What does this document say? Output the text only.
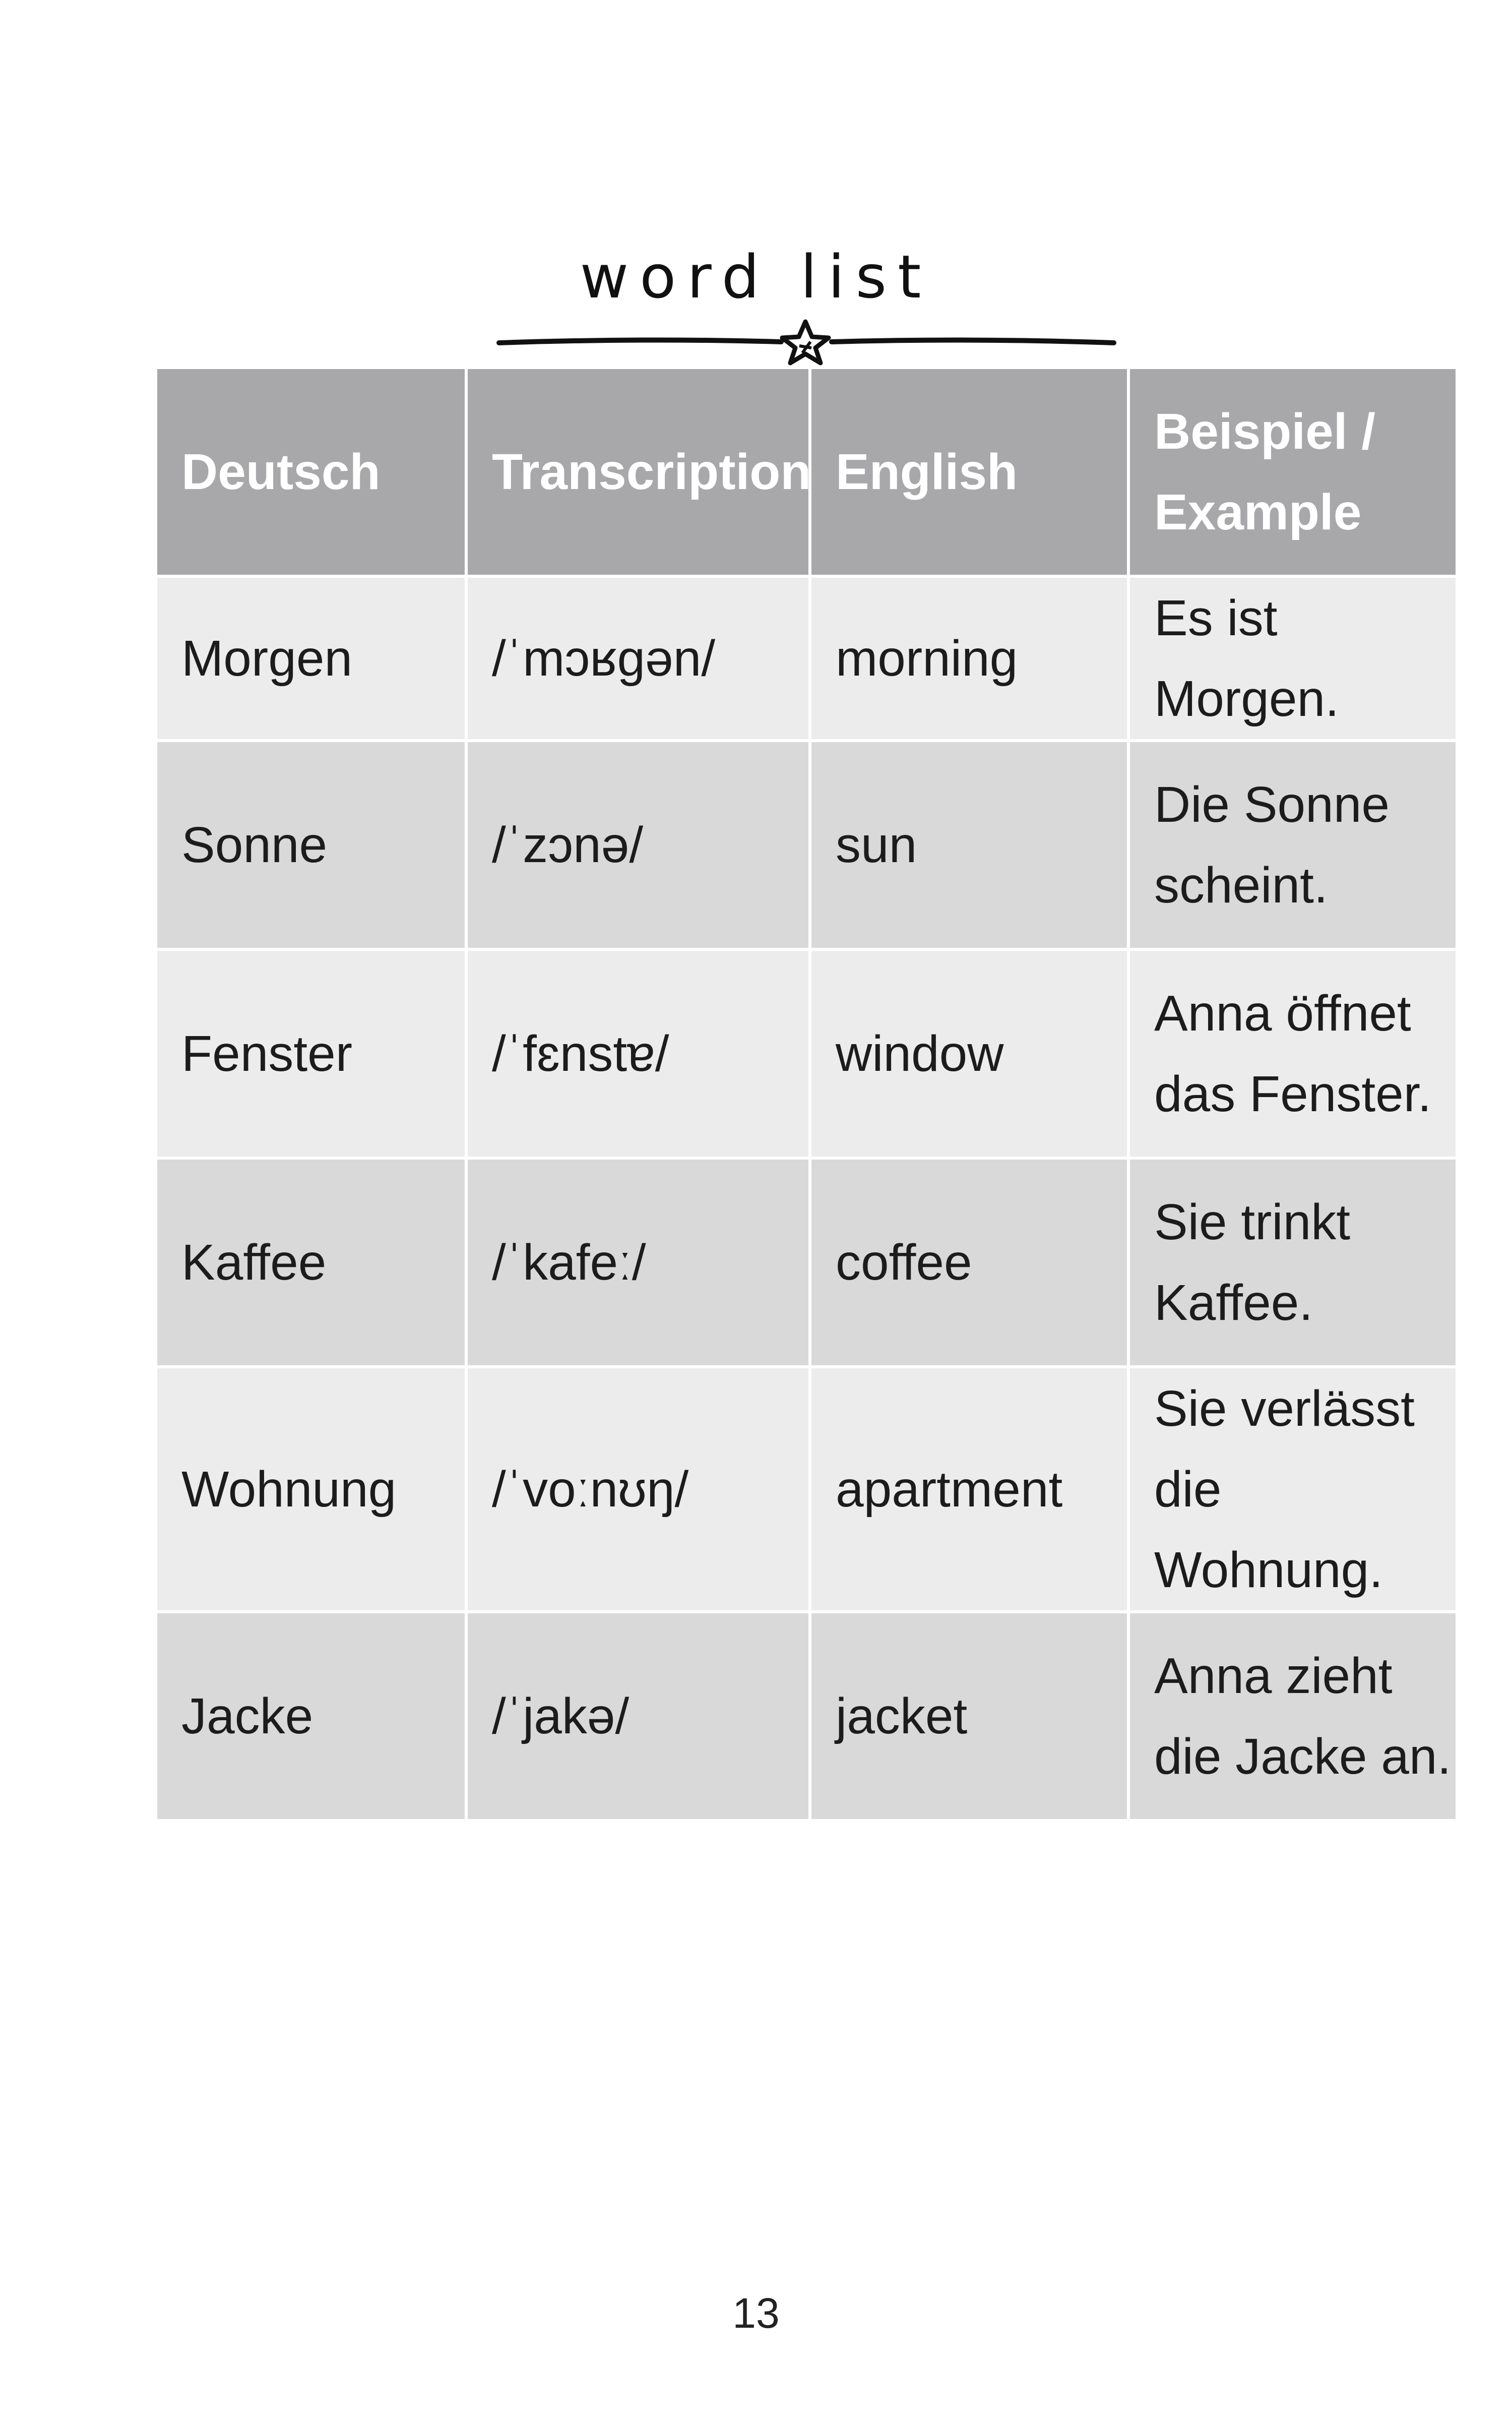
word list
Deutsch	Transcription	English	Beispiel / Example
Morgen	/ˈmɔʁɡən/	morning	Es ist Morgen.
Sonne	/ˈzɔnə/	sun	Die Sonne scheint.
Fenster	/ˈfɛnstɐ/	window	Anna öffnet das Fenster.
Kaffee	/ˈkafeː/	coffee	Sie trinkt Kaffee.
Wohnung	/ˈvoːnʊŋ/	apartment	Sie verlässt die Wohnung.
Jacke	/ˈjakə/	jacket	Anna zieht die Jacke an.
13
